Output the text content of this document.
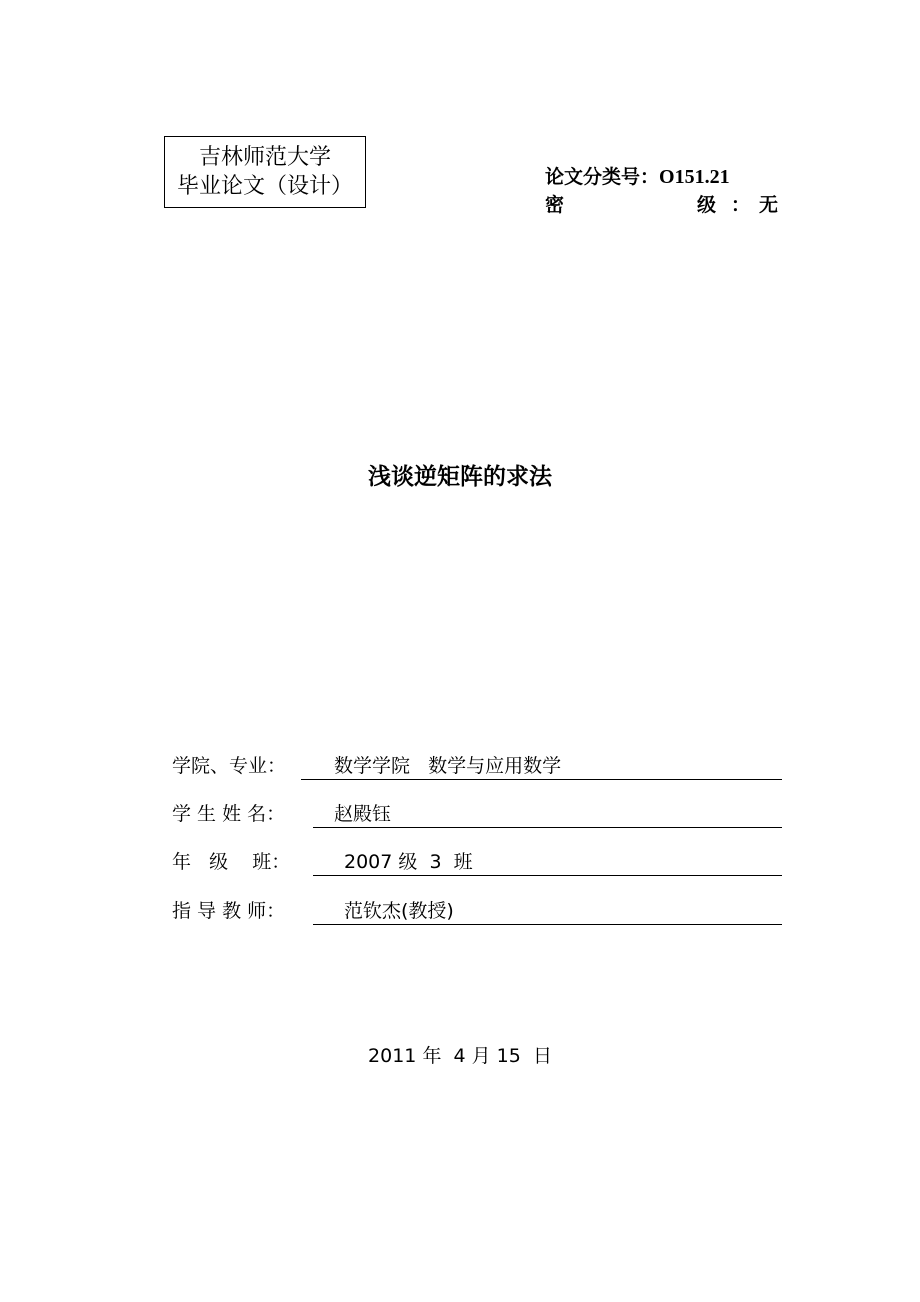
吉林师范大学
毕业论文（设计）	论文分类号：O151.21
密	级 ： 无
浅谈逆矩阵的求法
学院、专业：	数学学院   数学与应用数学
学 生 姓 名：	赵殿钰
年   级    班：	2007 级  3  班
指 导 教 师：	范钦杰(教授)
2011 年  4 月 15  日
